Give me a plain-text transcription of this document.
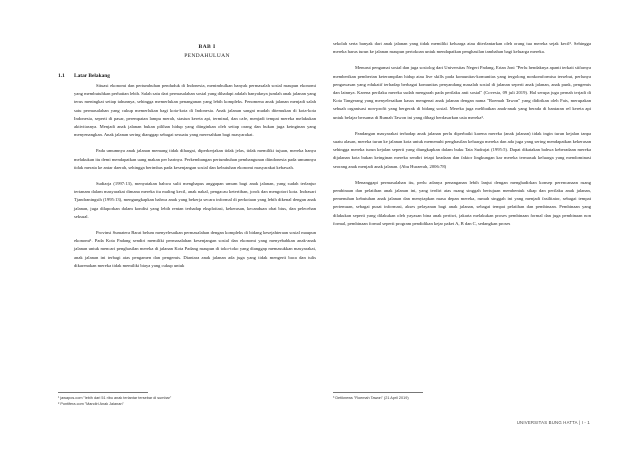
BAB I
PENDAHULUAN
1.1	Latar Belakang

Situasi ekonomi dan pertumbuhan penduduk di Indonesia, menimbulkan banyak permasalah sosial maupun ekonomi yang membutuhkan perhatian lebih. Salah satu dari permasalahan sosial yang dihadapi adalah banyaknya jumlah anak jalanan yang terus meningkat setiap tahunnya, sehingga memerlukan penanganan yang lebih kompleks. Fenomena anak jalanan menjadi salah satu permasalahan yang cukup memerlukan bagi kota-kota di Indonesia. Anak jalanan sangat mudah ditemukan di kota-kota Indonesia, seperti di pasar, perempatan lampu merah, stasiun kereta api, terminal, dan cafe, menjadi tempat mereka melakukan aktivitasnya. Menjadi anak jalanan bukan pilihan hidup yang diinginkan oleh setiap orang dan bukan juga keinginan yang menyenangkan. Anak jalanan sering dianggap sebagai sesuatu yang meresahkan bagi masyarakat.

Pada umumnya anak jalanan memang tidak dihargai, diperkerjakan tidak jelas, tidak memiliki tujuan, mereka hanya melakukan itu demi mendapatkan uang makan per harinya. Perkembangan pertumbuhan pembangunan diindonesia pada umumnya tidak merata ke antar daerah, sehingga berimbas pada kesenjangan sosial dan kebutuhan ekonomi masyarakat kebawah.

Sudiarja (1997:13), menyatakan bahwa sulit menghapus anggapan umum bagi anak jalanan, yang sudah terlanjur tertanam dalam masyarakat dimana mereka itu maling kecil, anak nakal, pengacau ketertiban, jorok dan mengotori kota. Indrasari Tjandraningsih (1995:13), mengungkapkan bahwa anak yang bekerja secara informal di perkotaan yang lebih dikenal dengan anak jalanan, juga dilaporkan dalam kondisi yang lebih rentan terhadap eksploitasi, kekerasan, kecanduan obat bius, dan pelecehan seksual.

Provinsi Sumatera Barat belum menyelesaikan permasalahan dengan kompleks di bidang kesejahteraan sosial maupun ekonomi¹. Pada Kota Padang sendiri memiliki permasalahan kesenjangan sosial dan ekonomi yang menyebabkan anak-anak jalanan untuk mencari penghasilan mereka di jalanan Kota Padang maupun di toko-toko yang dianggap memasukkan masyarakat, anak jalanan ini terbagi atas pengamen dan pengemis. Diantara anak jalanan ada juga yang tidak mengerti baca dan tulis dikarenakan mereka tidak memiliki biaya yang cukup untuk

sekolah serta banyak dari anak jalanan yang tidak memiliki keluarga atau diterlantarkan oleh orang tua mereka sejak kecil². Sehingga mereka harus turun ke jalanan maupun pertokoan untuk mendapatkan penghasilan tambahan bagi keluarga mereka.

Menurut pengamat sosial dan juga sosiolog dari Universitas Negeri Padang, Erian Joni "Perlu hendaknya apanti terkait siifarnya memberikan pemberian keterampilan hidup atau live skills pada komunitas-komunitas yang tergolong nonkomformisa tersebut, perlunya pengawasan yang edukatif terhadap berbagai komunitas penyandang masalah sosial di jalanan seperti anak jalanan, anak punk, pengemis dan lainnya. Karena perilaku mereka sudah mengarah pada perilaku anti sosial" (Covesia, 09 juli 2019). Hal serupa juga pernah terjadi di Kota Tangerang yang menyelesaikan kasus mengenai anak jalanan dengan nama "Roemah Tawon" yang didirikan oleh Fais, merupakan sebuah organisasi non-profit yang bergerak di bidang sosial. Mereka juga melibatkan anak-anak yang berada di bantaran rel kereta api untuk belajar bersama di Rumah Tawon ini yang dibagi berdasarkan usia mereka³.

Pandangan masyarakat terhadap anak jalanan perlu diperbaiki karena mereka (anak jalanan) tidak ingin turun kejalan tanpa suatu alasan, mereka turun ke jalanan kota untuk memenuhi penghasilan keluarga mereka dan ada juga yang sering mendapatkan kekerasan sehingga mereka turun kejalan seperti yang diungkapkan dalam buku Tata Sudrajat (1995:5). Dapat dikatakan bahwa keberadaan mereka dijalanan kota bukan keinginan mereka sendiri tetapi keadaan dan faktor lingkungan kar mereka termasuk keluarga yang mendominasi seorang anak menjadi anak jalanan. (Abu Huraerah, 2006:78)

Menanggapi permasalahan itu, perlu adanya penanganan lebih lanjut dengan menghadirkan konsep perencanaan ruang pembinaan dan pelatihan anak jalanan ini, yang terdiri atas ruang singgah bertujuan membentuk sikap dan perilaku anak jalanan, pemenuhan kebutuhan anak jalanan dan menyiapkan masa depan mereka, rumah singgah ini yang menjadi fasilitator, sebagai tempat pertemuan, sebagai pusat informasi, akses pelayanan bagi anak jalanan, sebagai tempat pelatihan dan pembinaan. Pembinaan yang dilakukan seperti yang dilakukan oleh yayasan bina anak pertiwi, jakarta melakukan proses pembinaan formal dan juga pembinaan non formal, pembinaan formal seperti program pendidikan kejar paket A, B dan C, sedangkan proses

¹ jawapos.com "lebih dari 51 ribu anak terlantar tersebar di sumbar"
² Pontifera.com "Mandiri Anak Jalanan"
³ Detiknews "Roemah Tawon" (21 April 2019)
UNIVERSITAS BUNG HATTA | I - 1
